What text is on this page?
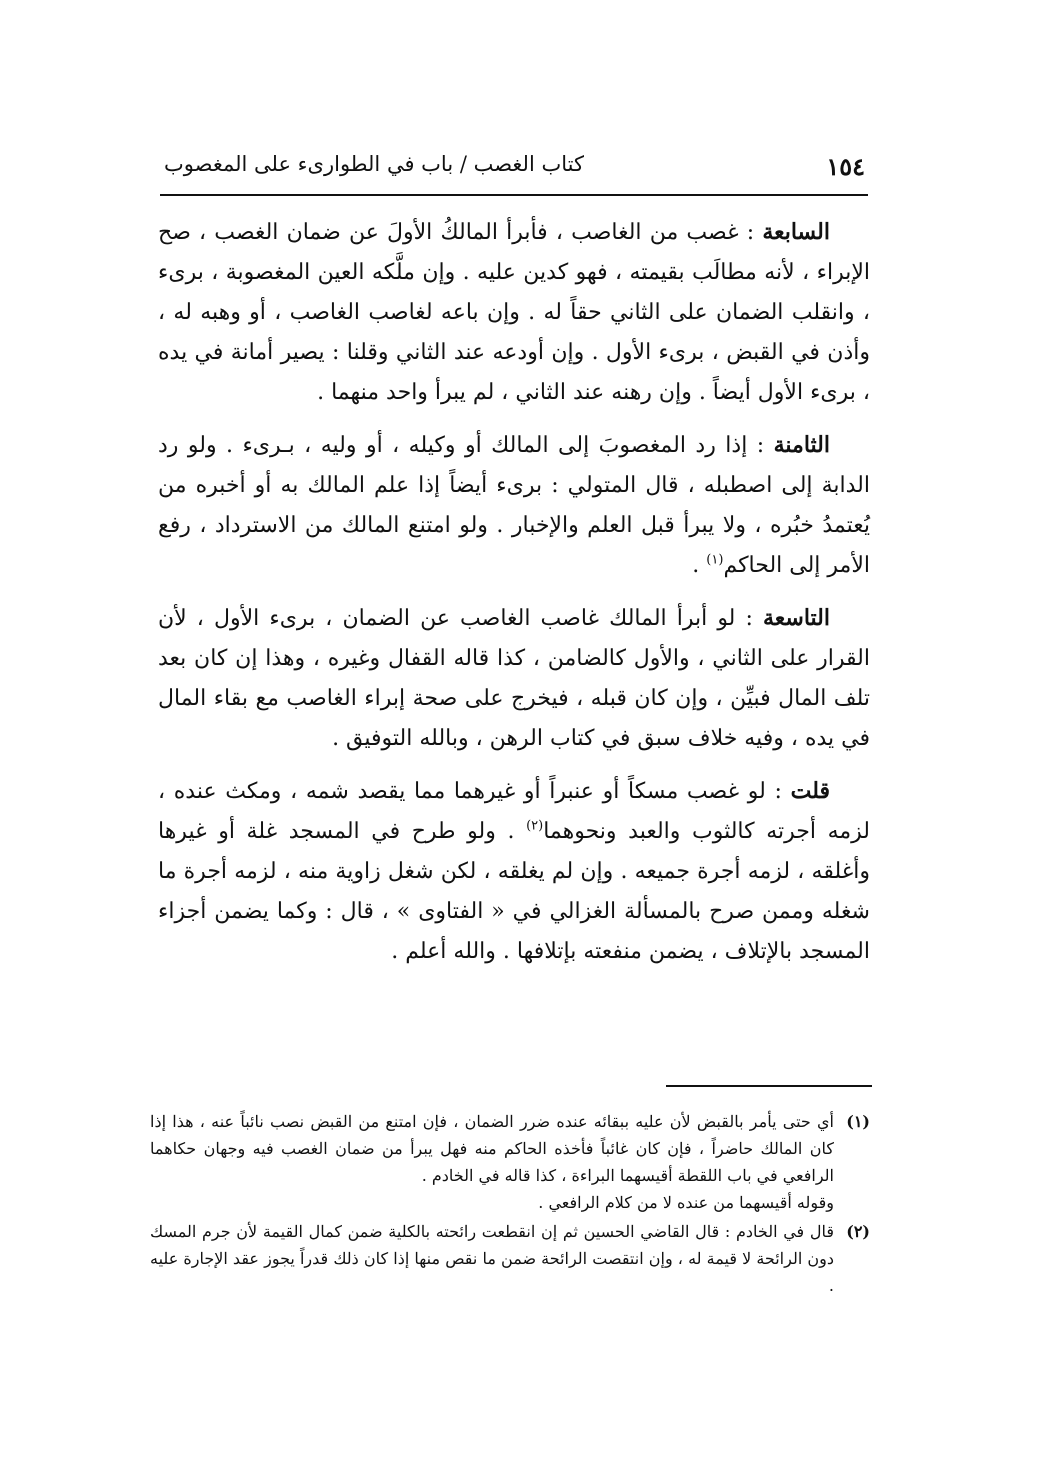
١٥٤
كتاب الغصب / باب في الطوارىء على المغصوب

السابعة : غصب من الغاصب ، فأبرأ المالكُ الأولَ عن ضمان الغصب ، صح الإبراء ، لأنه مطالَب بقيمته ، فهو كدين عليه . وإن ملَّكه العين المغصوبة ، برىء ، وانقلب الضمان على الثاني حقاً له . وإن باعه لغاصب الغاصب ، أو وهبه له ، وأذن في القبض ، برىء الأول . وإن أودعه عند الثاني وقلنا : يصير أمانة في يده ، برىء الأول أيضاً . وإن رهنه عند الثاني ، لم يبرأ واحد منهما .

الثامنة : إذا رد المغصوبَ إلى المالك أو وكيله ، أو وليه ، بـرىء . ولو رد الدابة إلى اصطبله ، قال المتولي : برىء أيضاً إذا علم المالك به أو أخبره من يُعتمدُ خبُره ، ولا يبرأ قبل العلم والإخبار . ولو امتنع المالك من الاسترداد ، رفع الأمر إلى الحاكم$^{(١)}$ .

التاسعة : لو أبرأ المالك غاصب الغاصب عن الضمان ، برىء الأول ، لأن القرار على الثاني ، والأول كالضامن ، كذا قاله القفال وغيره ، وهذا إن كان بعد تلف المال فبيِّن ، وإن كان قبله ، فيخرج على صحة إبراء الغاصب مع بقاء المال في يده ، وفيه خلاف سبق في كتاب الرهن ، وبالله التوفيق .

قلت : لو غصب مسكاً أو عنبراً أو غيرهما مما يقصد شمه ، ومكث عنده ، لزمه أجرته كالثوب والعبد ونحوهما$^{(٢)}$ . ولو طرح في المسجد غلة أو غيرها وأغلقه ، لزمه أجرة جميعه . وإن لم يغلقه ، لكن شغل زاوية منه ، لزمه أجرة ما شغله وممن صرح بالمسألة الغزالي في « الفتاوى » ، قال : وكما يضمن أجزاء المسجد بالإتلاف ، يضمن منفعته بإتلافها . والله أعلم .

(١)
أي حتى يأمر بالقبض لأن عليه ببقائه عنده ضرر الضمان ، فإن امتنع من القبض نصب نائباً عنه ، هذا إذا كان المالك حاضراً ، فإن كان غائباً فأخذه الحاكم منه فهل يبرأ من ضمان الغصب فيه وجهان حكاهما الرافعي في باب اللقطة أقيسهما البراءة ، كذا قاله في الخادم .
وقوله أقيسهما من عنده لا من كلام الرافعي .
(٢)
قال في الخادم : قال القاضي الحسين ثم إن انقطعت رائحته بالكلية ضمن كمال القيمة لأن جرم المسك دون الرائحة لا قيمة له ، وإن انتقصت الرائحة ضمن ما نقص منها إذا كان ذلك قدراً يجوز عقد الإجارة عليه .
